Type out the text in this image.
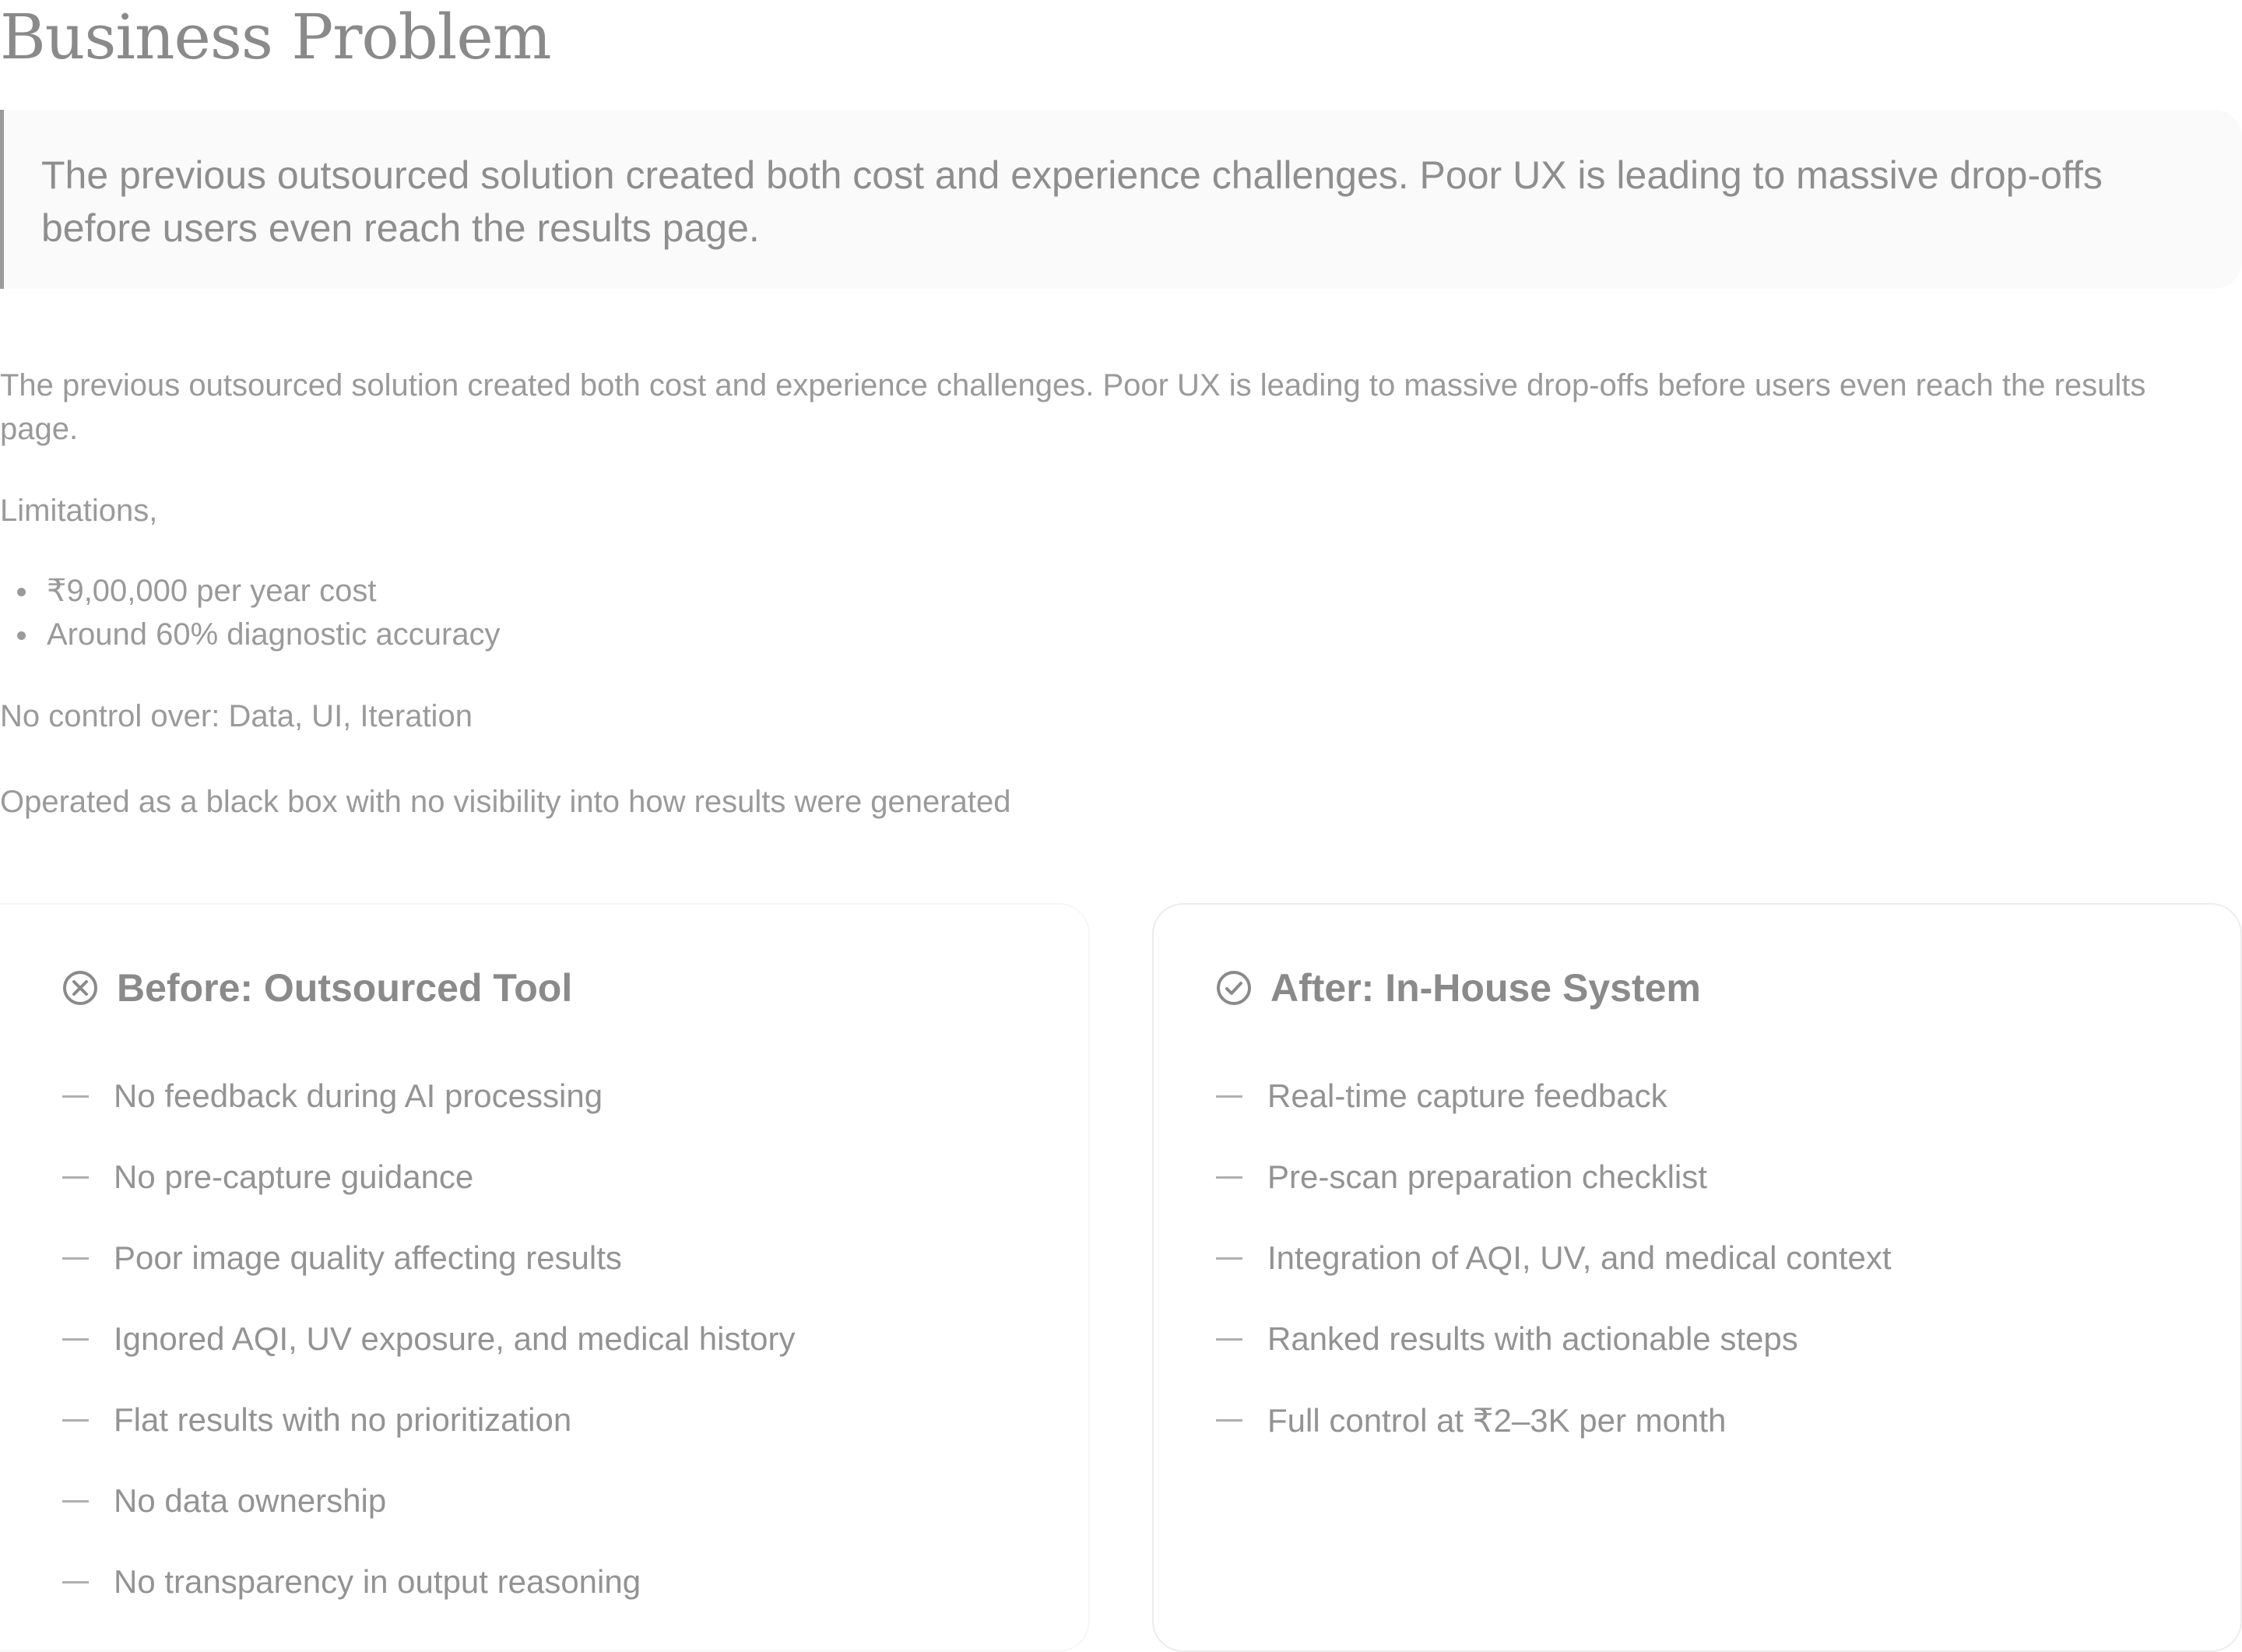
Business Problem

The previous outsourced solution created both cost and experience challenges. Poor UX is leading to massive drop-offs before users even reach the results page.

The previous outsourced solution created both cost and experience challenges. Poor UX is leading to massive drop-offs before users even reach the results page.

Limitations,

₹9,00,000 per year cost
Around 60% diagnostic accuracy

No control over: Data, UI, Iteration

Operated as a black box with no visibility into how results were generated

Before: Outsourced Tool
No feedback during AI processing
No pre-capture guidance
Poor image quality affecting results
Ignored AQI, UV exposure, and medical history
Flat results with no prioritization
No data ownership
No transparency in output reasoning
After: In-House System
Real-time capture feedback
Pre-scan preparation checklist
Integration of AQI, UV, and medical context
Ranked results with actionable steps
Full control at ₹2–3K per month
